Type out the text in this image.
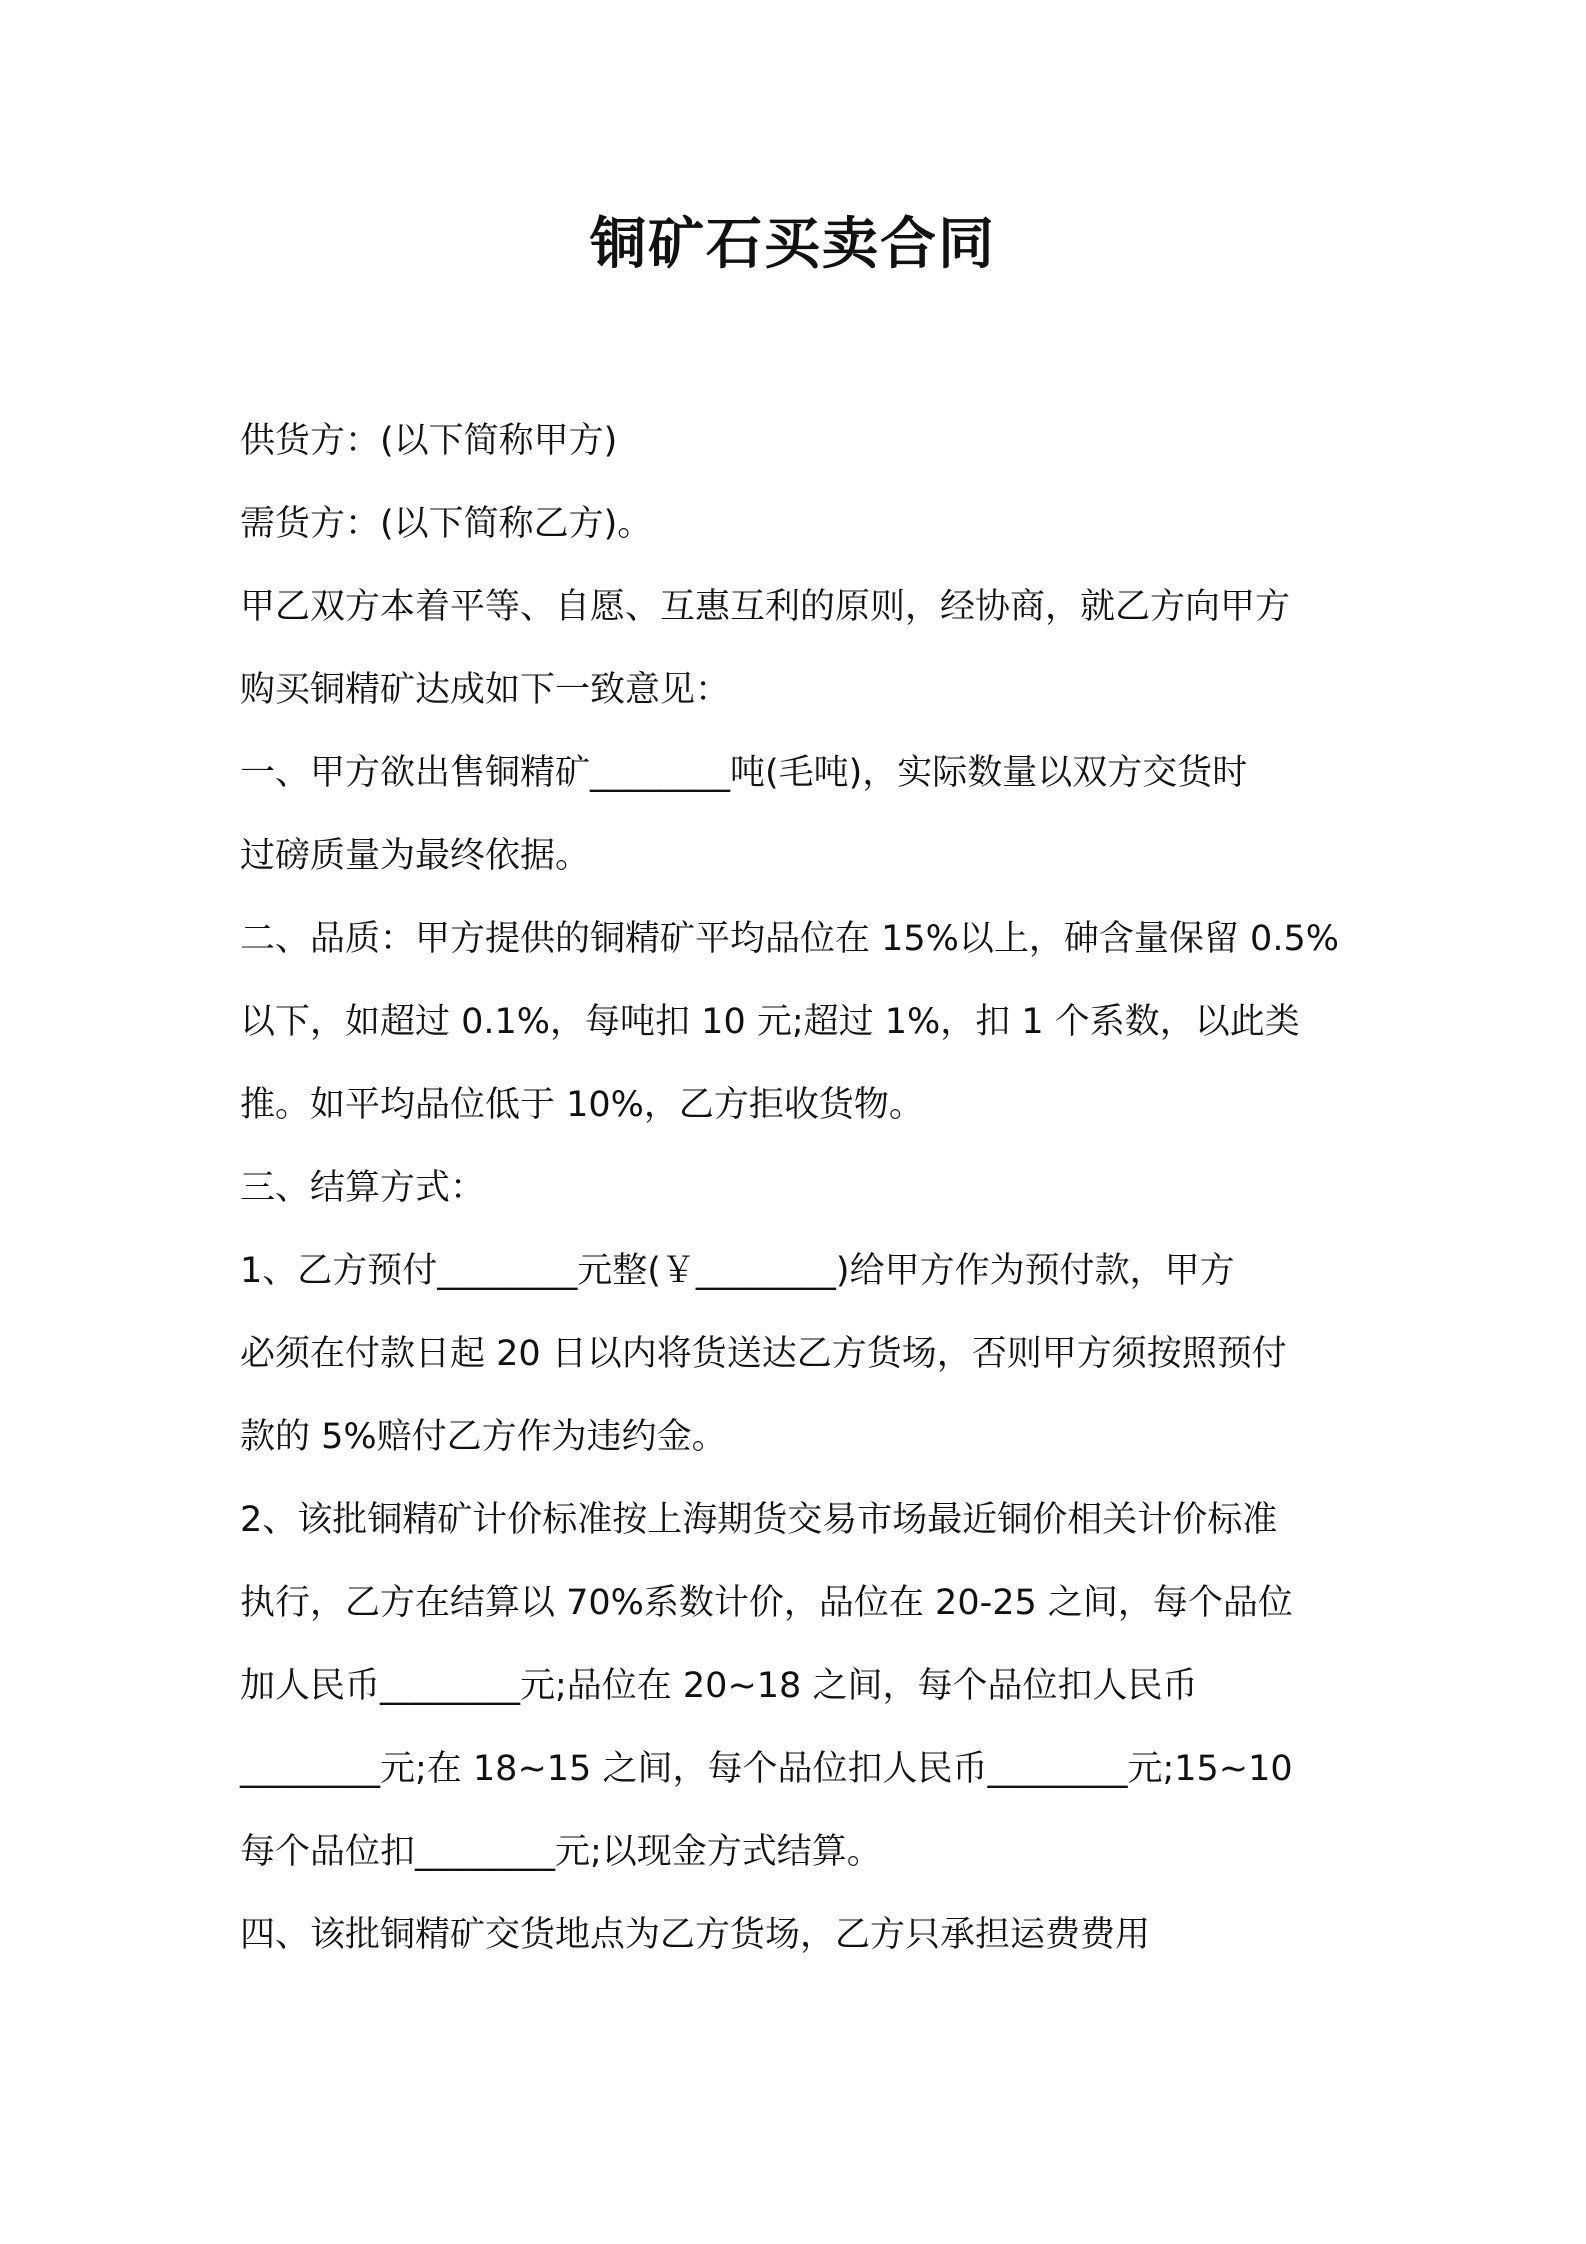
铜矿石买卖合同
供货方：(以下简称甲方)
需货方：(以下简称乙方)。
甲乙双方本着平等、自愿、互惠互利的原则，经协商，就乙方向甲方
购买铜精矿达成如下一致意见：
一、甲方欲出售铜精矿________吨(毛吨)，实际数量以双方交货时
过磅质量为最终依据。
二、品质：甲方提供的铜精矿平均品位在 15%以上，砷含量保留 0.5%
以下，如超过 0.1%，每吨扣 10 元;超过 1%，扣 1 个系数，以此类
推。如平均品位低于 10%，乙方拒收货物。
三、结算方式：
1、乙方预付________元整(￥________)给甲方作为预付款，甲方
必须在付款日起 20 日以内将货送达乙方货场，否则甲方须按照预付
款的 5%赔付乙方作为违约金。
2、该批铜精矿计价标准按上海期货交易市场最近铜价相关计价标准
执行，乙方在结算以 70%系数计价，品位在 20-25 之间，每个品位
加人民币________元;品位在 20~18 之间，每个品位扣人民币
________元;在 18~15 之间，每个品位扣人民币________元;15~10
每个品位扣________元;以现金方式结算。
四、该批铜精矿交货地点为乙方货场，乙方只承担运费费用
